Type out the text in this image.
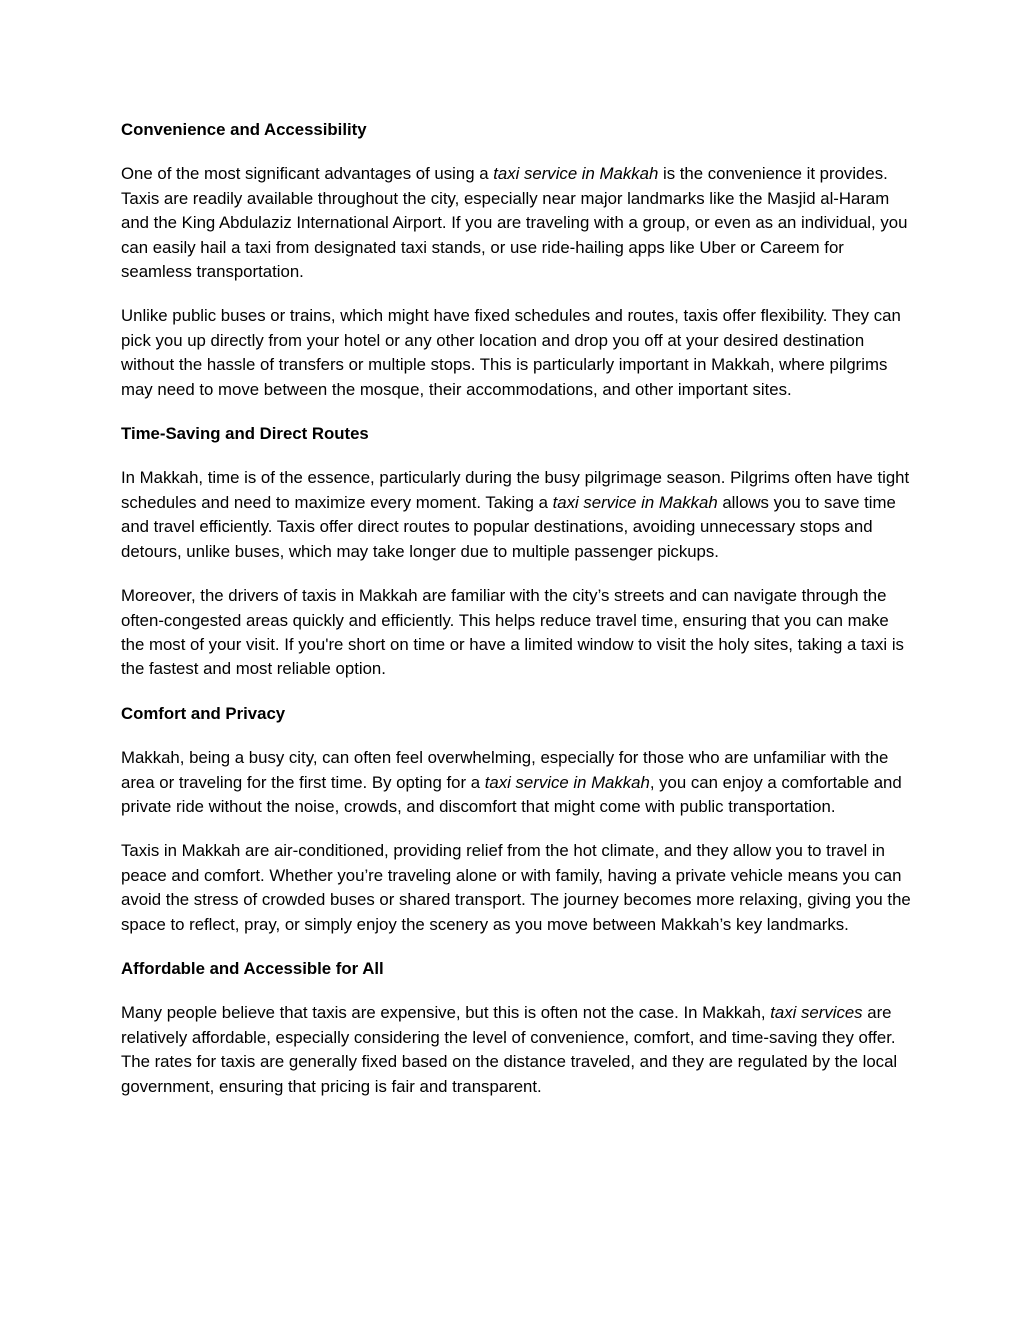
Convenience and Accessibility

One of the most significant advantages of using a taxi service in Makkah is the convenience it provides. Taxis are readily available throughout the city, especially near major landmarks like the Masjid al-Haram and the King Abdulaziz International Airport. If you are traveling with a group, or even as an individual, you can easily hail a taxi from designated taxi stands, or use ride-hailing apps like Uber or Careem for seamless transportation.

Unlike public buses or trains, which might have fixed schedules and routes, taxis offer flexibility. They can pick you up directly from your hotel or any other location and drop you off at your desired destination without the hassle of transfers or multiple stops. This is particularly important in Makkah, where pilgrims may need to move between the mosque, their accommodations, and other important sites.

Time-Saving and Direct Routes

In Makkah, time is of the essence, particularly during the busy pilgrimage season. Pilgrims often have tight schedules and need to maximize every moment. Taking a taxi service in Makkah allows you to save time and travel efficiently. Taxis offer direct routes to popular destinations, avoiding unnecessary stops and detours, unlike buses, which may take longer due to multiple passenger pickups.

Moreover, the drivers of taxis in Makkah are familiar with the city’s streets and can navigate through the often-congested areas quickly and efficiently. This helps reduce travel time, ensuring that you can make the most of your visit. If you're short on time or have a limited window to visit the holy sites, taking a taxi is the fastest and most reliable option.

Comfort and Privacy

Makkah, being a busy city, can often feel overwhelming, especially for those who are unfamiliar with the area or traveling for the first time. By opting for a taxi service in Makkah, you can enjoy a comfortable and private ride without the noise, crowds, and discomfort that might come with public transportation.

Taxis in Makkah are air-conditioned, providing relief from the hot climate, and they allow you to travel in peace and comfort. Whether you’re traveling alone or with family, having a private vehicle means you can avoid the stress of crowded buses or shared transport. The journey becomes more relaxing, giving you the space to reflect, pray, or simply enjoy the scenery as you move between Makkah’s key landmarks.

Affordable and Accessible for All

Many people believe that taxis are expensive, but this is often not the case. In Makkah, taxi services are relatively affordable, especially considering the level of convenience, comfort, and time-saving they offer. The rates for taxis are generally fixed based on the distance traveled, and they are regulated by the local government, ensuring that pricing is fair and transparent.
